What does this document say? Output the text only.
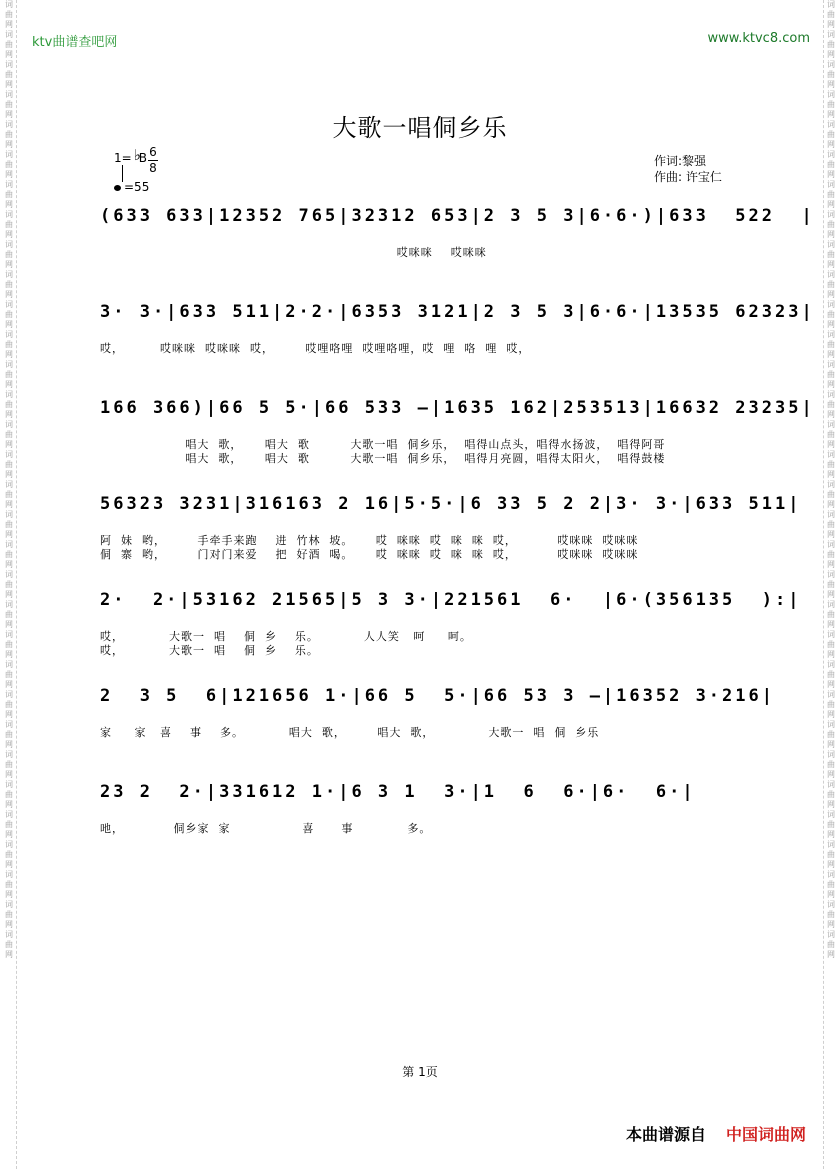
词曲网词曲网词曲网词曲网词曲网词曲网词曲网词曲网词曲网词曲网词曲网词曲网词曲网词曲网词曲网词曲网词曲网词曲网词曲网词曲网词曲网词曲网词曲网词曲网词曲网词曲网词曲网词曲网词曲网词曲网词曲网词曲网
词曲网词曲网词曲网词曲网词曲网词曲网词曲网词曲网词曲网词曲网词曲网词曲网词曲网词曲网词曲网词曲网词曲网词曲网词曲网词曲网词曲网词曲网词曲网词曲网词曲网词曲网词曲网词曲网词曲网词曲网词曲网词曲网
ktv曲谱查吧网	www.ktvc8.com
大歌一唱侗乡乐
1= ♭B 6
8
=55
作词:黎强
作曲: 许宝仁
(633 633|12352 765|32312 653|2 3 5 3|6·6·)|633  522  |
哎咪咪    哎咪咪
3· 3·|633 511|2·2·|6353 3121|2 3 5 3|6·6·|13535 62323|
哎，        哎咪咪  哎咪咪  哎，       哎哩咯哩  哎哩咯哩，哎  哩  咯  哩  哎，
166 366)|66 5 5·|66 533 —|1635 162|253513|16632 23235|
唱大  歌，     唱大  歌         大歌一唱  侗乡乐，  唱得山点头，唱得水扬波，  唱得阿哥
唱大  歌，     唱大  歌         大歌一唱  侗乡乐，  唱得月亮圆，唱得太阳火，  唱得鼓楼
56323 3231|316163 2 16|5·5·|6 33 5 2 2|3· 3·|633 511|
阿  妹  哟，       手牵手来跑    进  竹林  坡。     哎  咪咪  哎  咪  咪  哎，         哎咪咪  哎咪咪
侗  寨  哟，       门对门来爱    把  好酒  喝。     哎  咪咪  哎  咪  咪  哎，         哎咪咪  哎咪咪
2·  2·|53162 21565|5 3 3·|221561  6·  |6·(356135  ):|
哎，          大歌一  唱    侗  乡    乐。          人人笑   呵     呵。
哎，          大歌一  唱    侗  乡    乐。
2  3 5  6|121656 1·|66 5  5·|66 53 3 —|16352 3·216|
家     家   喜    事    多。          唱大  歌，       唱大  歌，            大歌一  唱  侗  乡乐
23 2  2·|331612 1·|6 3 1  3·|1  6  6·|6·  6·|
吔，           侗乡家  家                喜      事            多。
第 1页
本曲谱源自 中国词曲网
